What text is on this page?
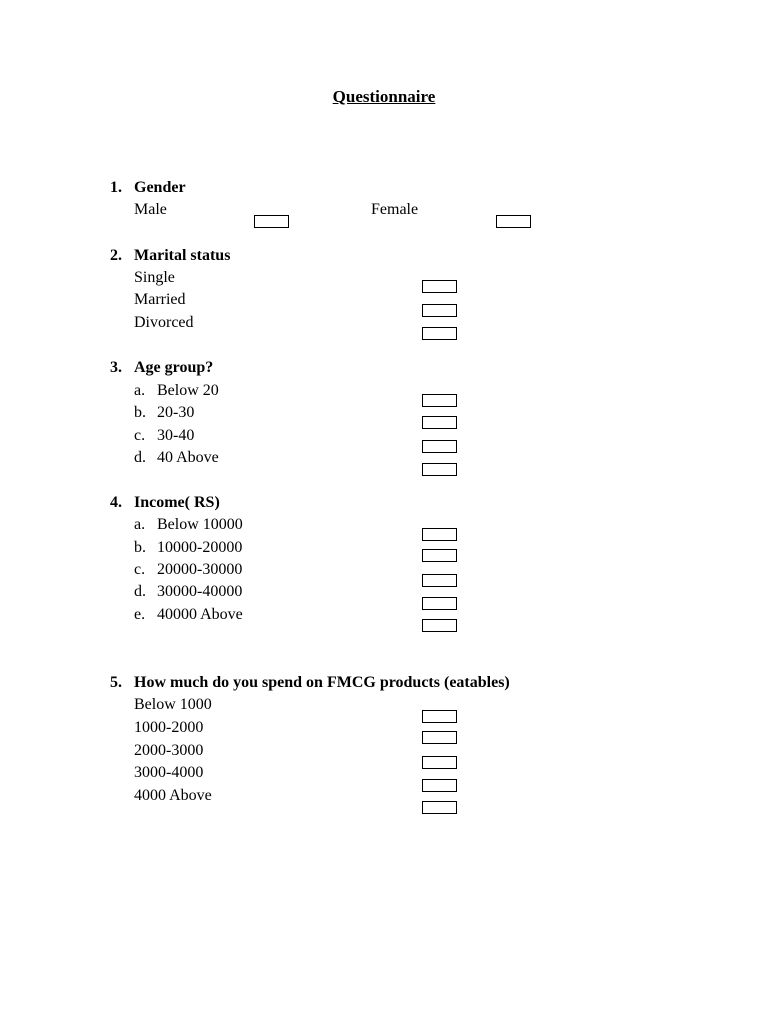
Questionnaire
1. Gender
Male	Female
2. Marital status
Single
Married
Divorced
3. Age group?
a. Below 20
b. 20-30
c. 30-40
d. 40 Above
4. Income( RS)
a. Below 10000
b. 10000-20000
c. 20000-30000
d. 30000-40000
e. 40000 Above
5. How much do you spend on FMCG products (eatables)
Below 1000
1000-2000
2000-3000
3000-4000
4000 Above
